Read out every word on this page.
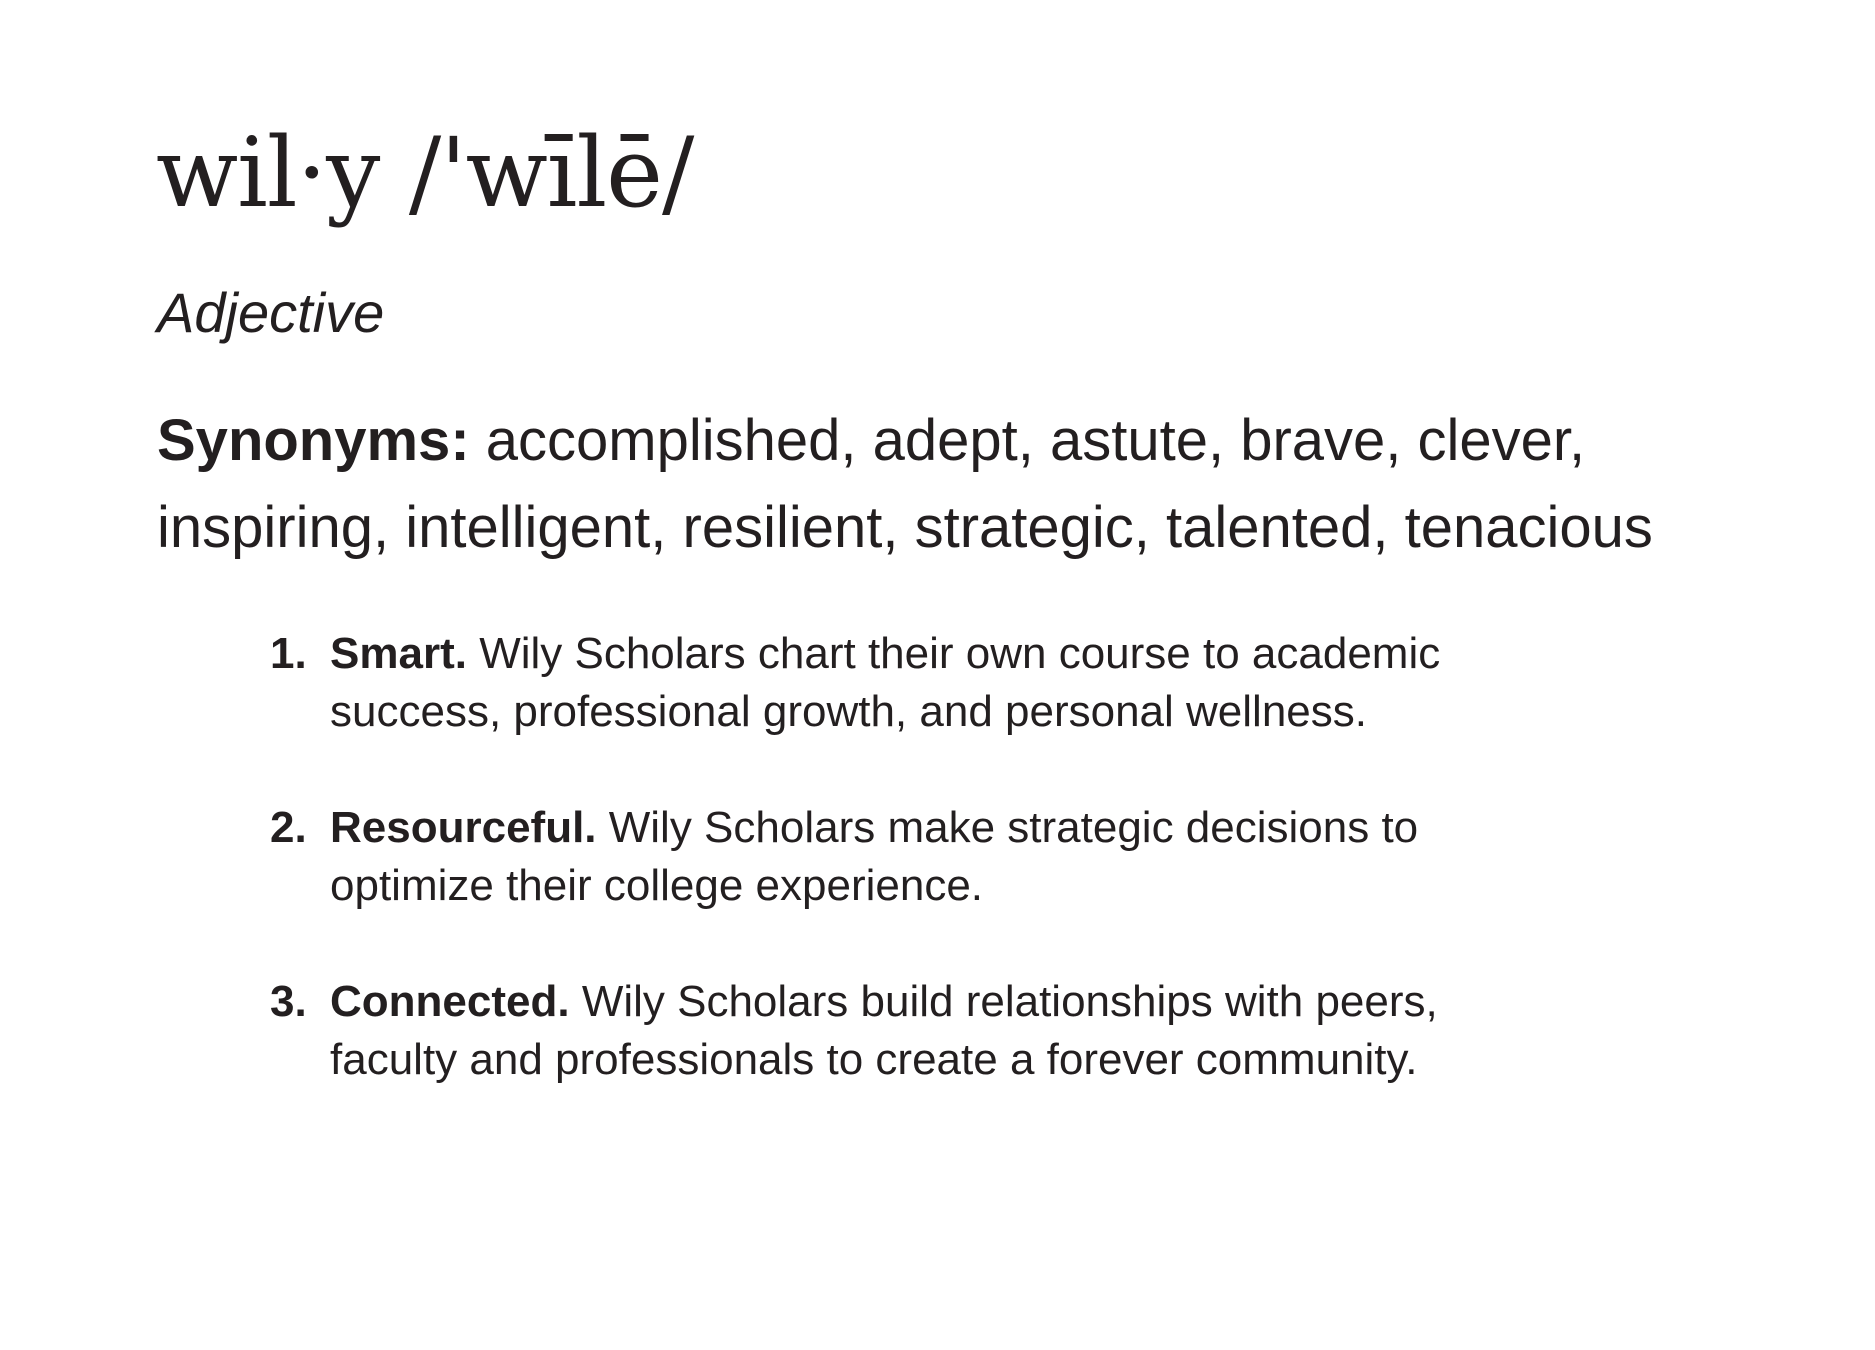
wil·y /'wīlē/

Adjective

Synonyms: accomplished, adept, astute, brave, clever, inspiring, intelligent, resilient, strategic, talented, tenacious

1. Smart. Wily Scholars chart their own course to academic success, professional growth, and personal wellness.
2. Resourceful. Wily Scholars make strategic decisions to optimize their college experience.
3. Connected. Wily Scholars build relationships with peers, faculty and professionals to create a forever community.
